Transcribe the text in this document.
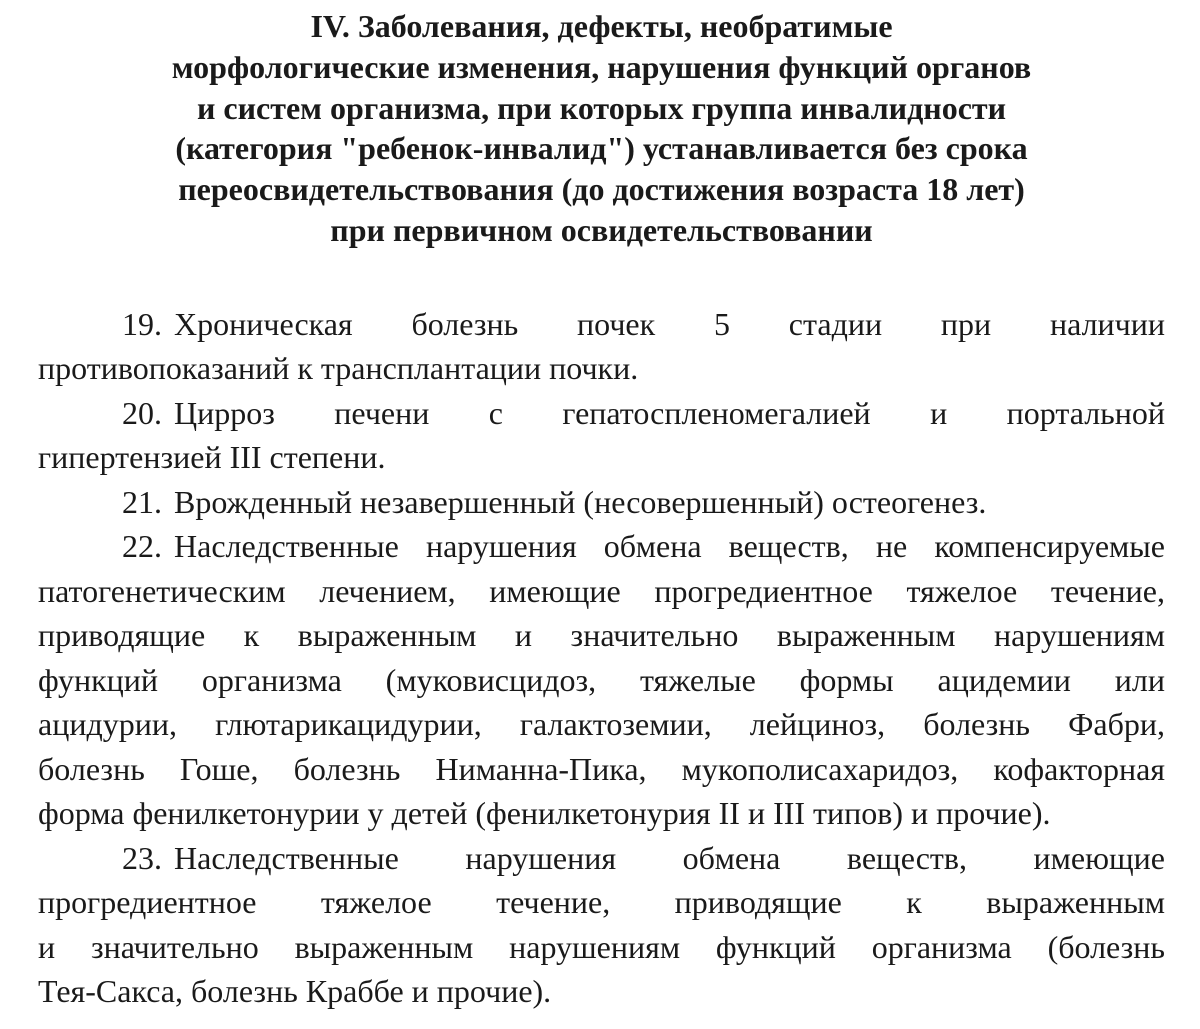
IV. Заболевания, дефекты, необратимые
морфологические изменения, нарушения функций органов
и систем организма, при которых группа инвалидности
(категория "ребенок-инвалид") устанавливается без срока
переосвидетельствования (до достижения возраста 18 лет)
при первичном освидетельствовании

19. Хроническая болезнь почек 5 стадии при наличии
противопоказаний к трансплантации почки.

20. Цирроз печени с гепатоспленомегалией и портальной
гипертензией III степени.

21. Врожденный незавершенный (несовершенный) остеогенез.

22. Наследственные нарушения обмена веществ, не компенсируемые
патогенетическим лечением, имеющие прогредиентное тяжелое течение,
приводящие к выраженным и значительно выраженным нарушениям
функций организма (муковисцидоз, тяжелые формы ацидемии или
ацидурии, глютарикацидурии, галактоземии, лейциноз, болезнь Фабри,
болезнь Гоше, болезнь Ниманна-Пика, мукополисахаридоз, кофакторная
форма фенилкетонурии у детей (фенилкетонурия II и III типов) и прочие).

23. Наследственные нарушения обмена веществ, имеющие
прогредиентное тяжелое течение, приводящие к выраженным
и значительно выраженным нарушениям функций организма (болезнь
Тея-Сакса, болезнь Краббе и прочие).
